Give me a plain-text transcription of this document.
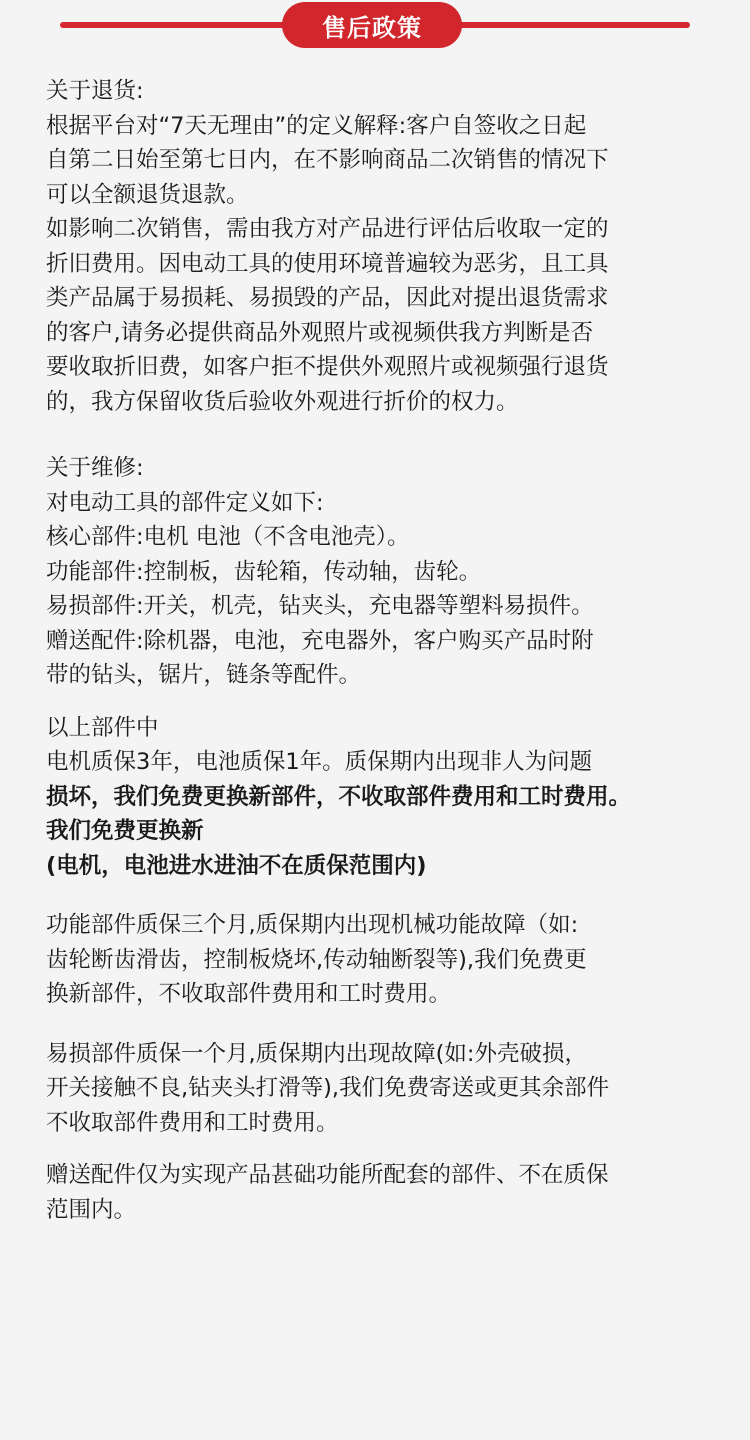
售后政策
关于退货:
根据平台对“7天无理由”的定义解释:客户自签收之日起
自第二日始至第七日内，在不影响商品二次销售的情况下
可以全额退货退款。
如影响二次销售，需由我方对产品进行评估后收取一定的
折旧费用。因电动工具的使用环境普遍较为恶劣，且工具
类产品属于易损耗、易损毁的产品，因此对提出退货需求
的客户,请务必提供商品外观照片或视频供我方判断是否
要收取折旧费，如客户拒不提供外观照片或视频强行退货
的，我方保留收货后验收外观进行折价的权力。
关于维修:
对电动工具的部件定义如下:
核心部件:电机 电池（不含电池壳）。
功能部件:控制板，齿轮箱，传动轴，齿轮。
易损部件:开关，机壳，钻夹头，充电器等塑料易损件。
赠送配件:除机器，电池，充电器外，客户购买产品时附
带的钻头，锯片，链条等配件。
以上部件中
电机质保3年，电池质保1年。质保期内出现非人为问题
损坏，我们免费更换新部件，不收取部件费用和工时费用。
我们免费更换新
(电机，电池进水进油不在质保范围内)
功能部件质保三个月,质保期内出现机械功能故障（如:
齿轮断齿滑齿，控制板烧坏,传动轴断裂等),我们免费更
换新部件，不收取部件费用和工时费用。
易损部件质保一个月,质保期内出现故障(如:外壳破损，
开关接触不良,钻夹头打滑等),我们免费寄送或更其余部件
不收取部件费用和工时费用。
赠送配件仅为实现产品甚础功能所配套的部件、不在质保
范围内。
